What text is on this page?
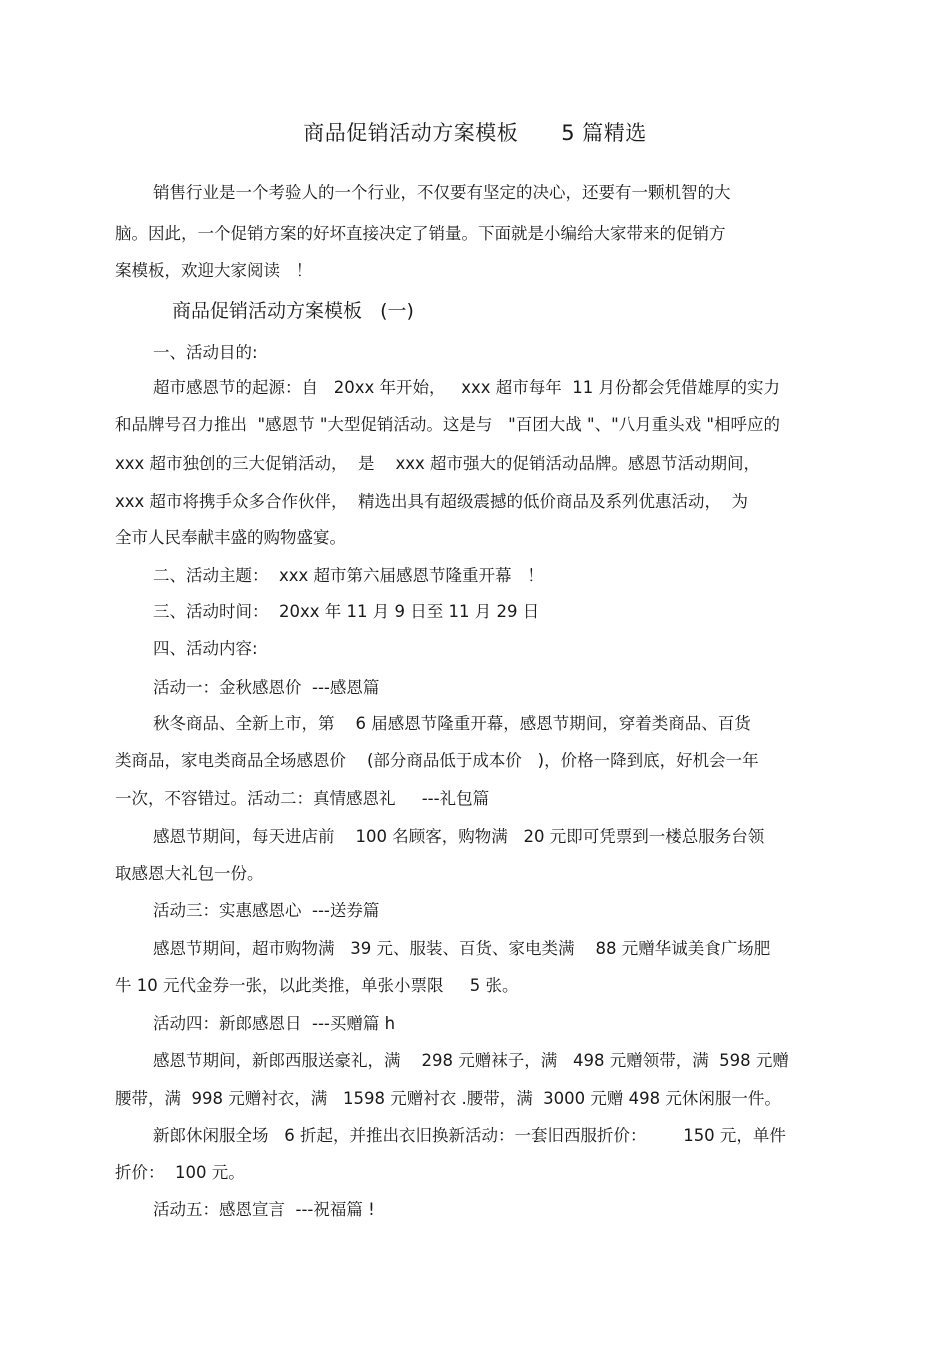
商品促销活动方案模板      5 篇精选
销售行业是一个考验人的一个行业，不仅要有坚定的决心，还要有一颗机智的大
脑。因此，一个促销方案的好坏直接决定了销量。下面就是小编给大家带来的促销方
案模板，欢迎大家阅读   ！
商品促销活动方案模板   (一)
一、活动目的:
超市感恩节的起源：自   20xx 年开始，   xxx 超市每年  11 月份都会凭借雄厚的实力
和品牌号召力推出  "感恩节 "大型促销活动。这是与   "百团大战 "、"八月重头戏 "相呼应的
xxx 超市独创的三大促销活动，  是    xxx 超市强大的促销活动品牌。感恩节活动期间，
xxx 超市将携手众多合作伙伴，  精选出具有超级震撼的低价商品及系列优惠活动，  为
全市人民奉献丰盛的购物盛宴。
二、活动主题：  xxx 超市第六届感恩节隆重开幕   ！
三、活动时间：  20xx 年 11 月 9 日至 11 月 29 日
四、活动内容:
活动一：金秋感恩价  ---感恩篇
秋冬商品、全新上市，第    6 届感恩节隆重开幕，感恩节期间，穿着类商品、百货
类商品，家电类商品全场感恩价    (部分商品低于成本价   )，价格一降到底，好机会一年
一次，不容错过。活动二：真情感恩礼     ---礼包篇
感恩节期间，每天进店前    100 名顾客，购物满   20 元即可凭票到一楼总服务台领
取感恩大礼包一份。
活动三：实惠感恩心  ---送券篇
感恩节期间，超市购物满   39 元、服装、百货、家电类满    88 元赠华诚美食广场肥
牛 10 元代金券一张，以此类推，单张小票限     5 张。
活动四：新郎感恩日  ---买赠篇 h
感恩节期间，新郎西服送豪礼，满    298 元赠袜子，满   498 元赠领带，满  598 元赠
腰带，满  998 元赠衬衣，满   1598 元赠衬衣 .腰带，满  3000 元赠 498 元休闲服一件。
新郎休闲服全场   6 折起，并推出衣旧换新活动：一套旧西服折价：       150 元，单件
折价：  100 元。
活动五：感恩宣言  ---祝福篇 !
